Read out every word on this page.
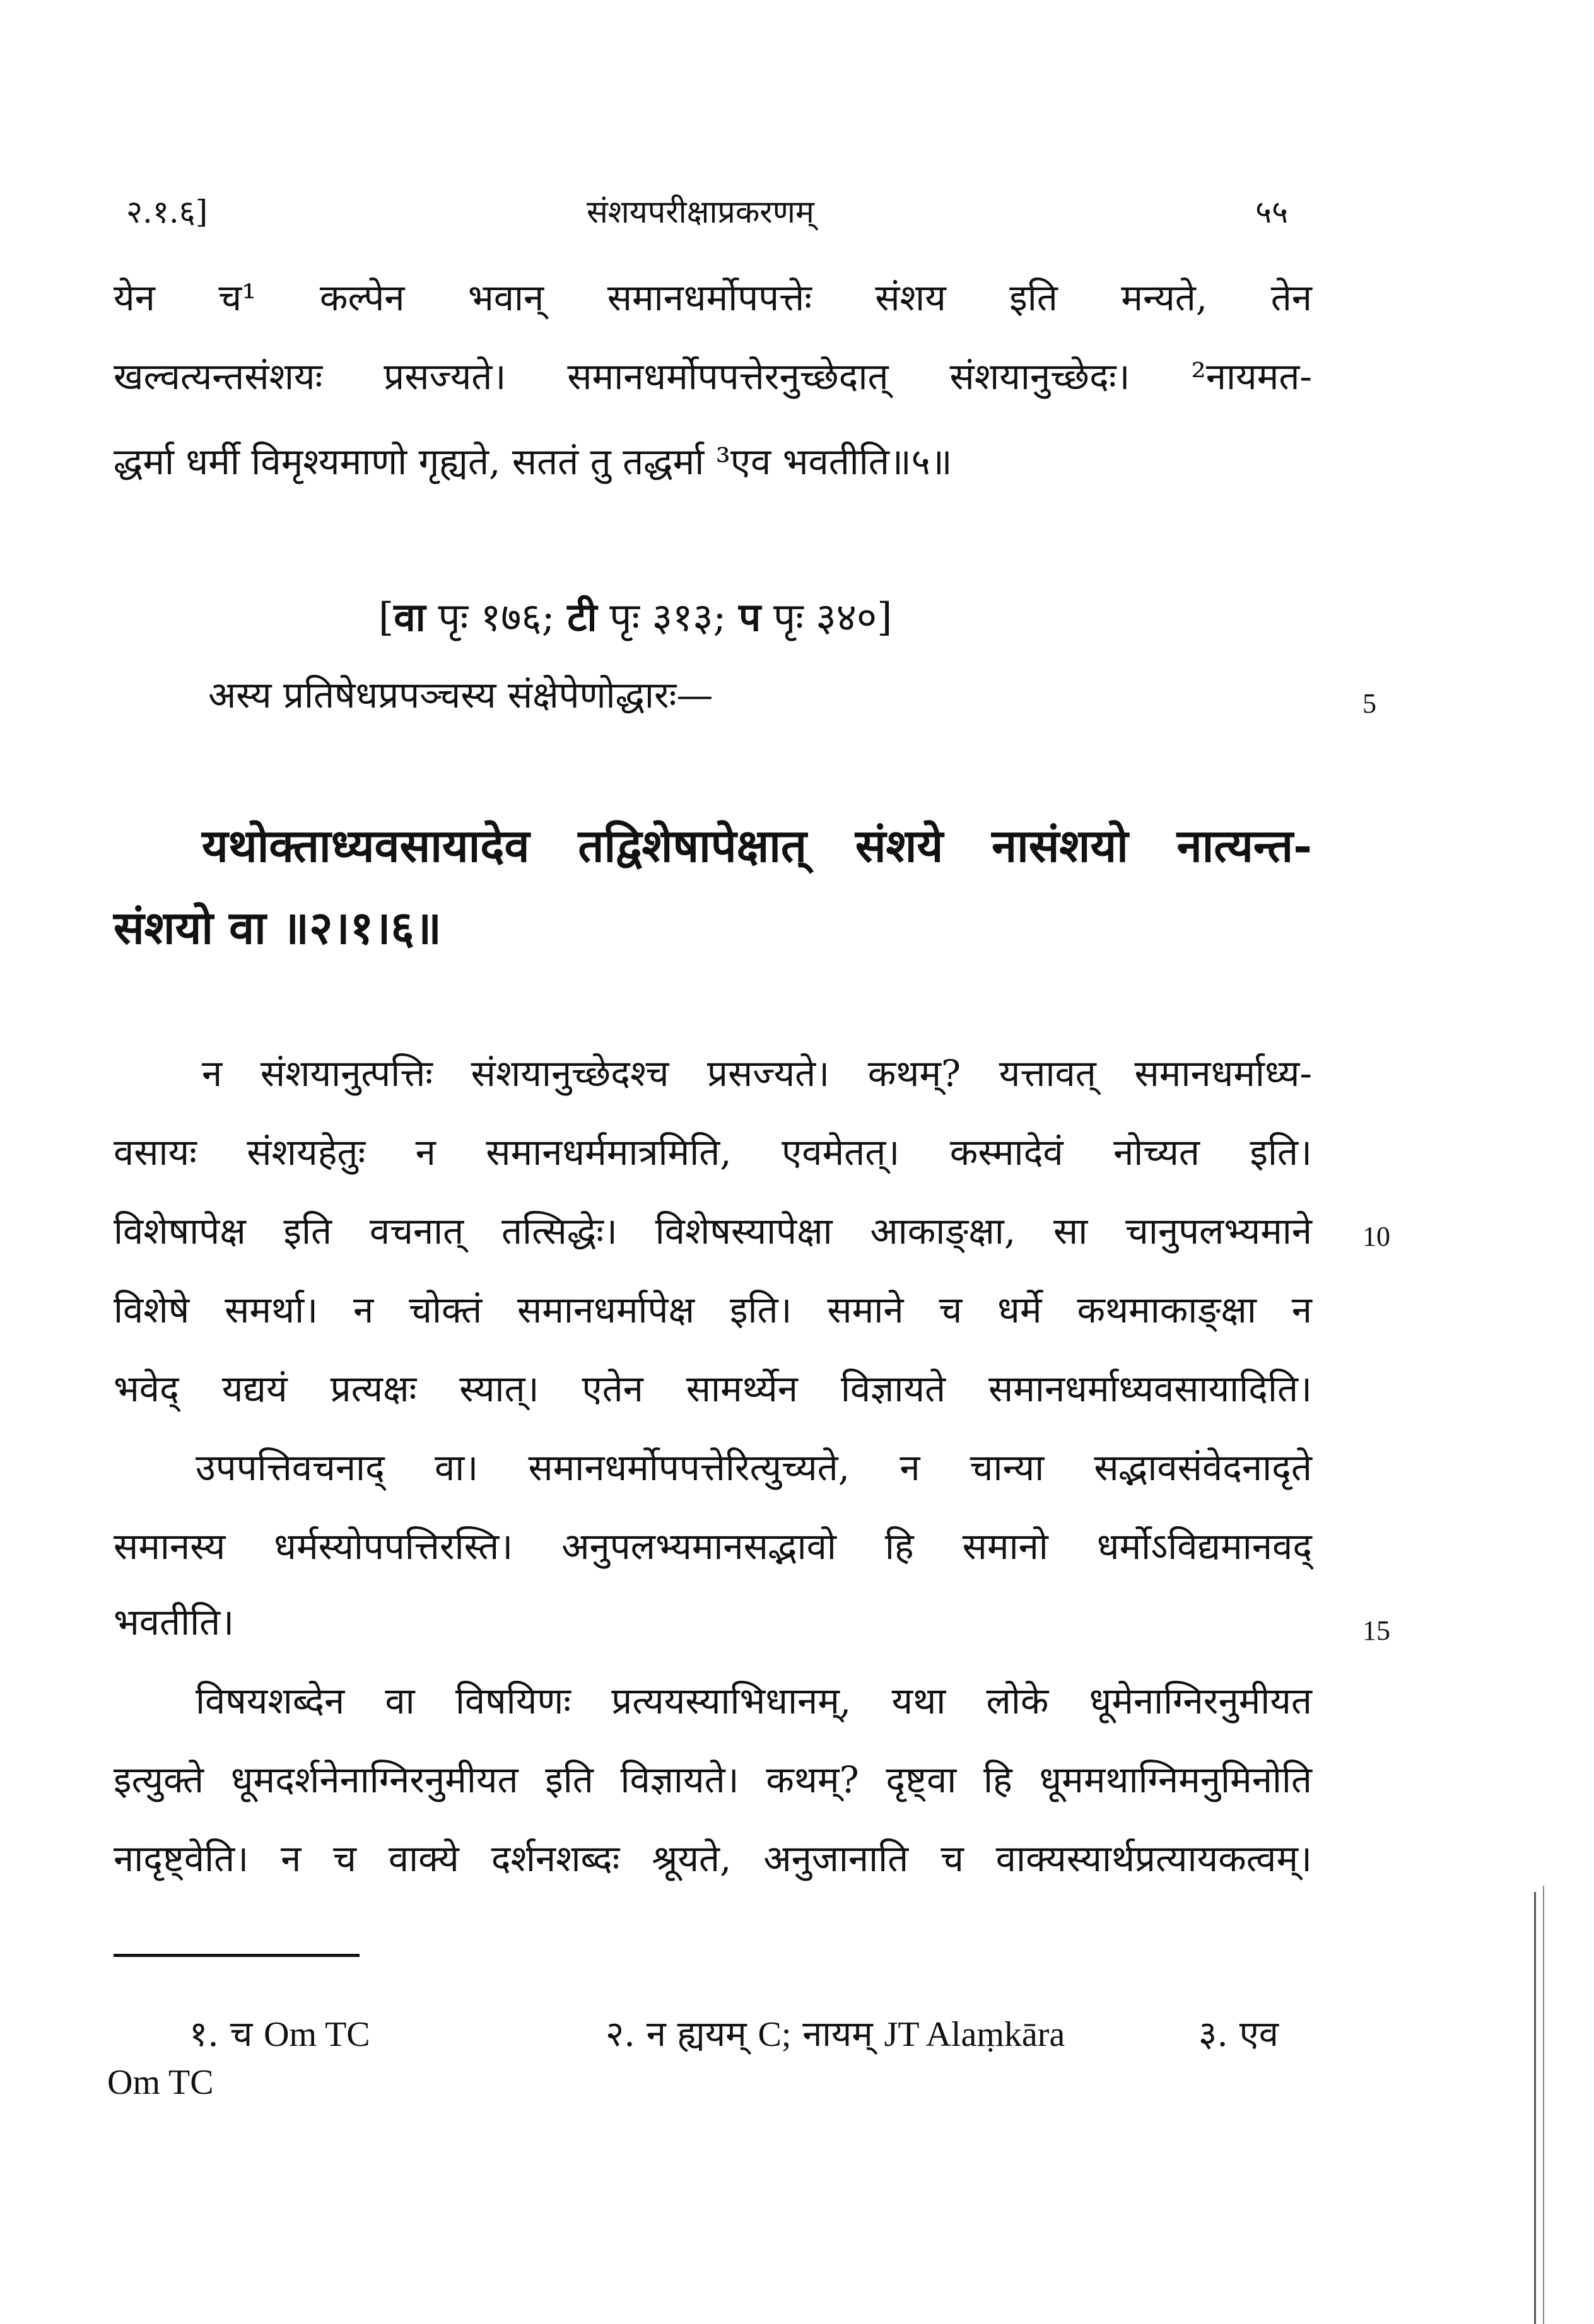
२.१.६]	संशयपरीक्षाप्रकरणम्	५५
येन च¹ कल्पेन भवान् समानधर्मोपपत्तेः संशय इति मन्यते, तेन
खल्वत्यन्तसंशयः प्रसज्यते। समानधर्मोपपत्तेरनुच्छेदात् संशयानुच्छेदः। ²नायमत-
द्धर्मा धर्मी विमृश्यमाणो गृह्यते, सततं तु तद्धर्मा ³एव भवतीति॥५॥
[वा पृः १७६; टी पृः ३१३; प पृः ३४०]
अस्य प्रतिषेधप्रपञ्चस्य संक्षेपेणोद्धारः—	5
यथोक्ताध्यवसायादेव तद्विशेषापेक्षात् संशये नासंशयो नात्यन्त-
संशयो वा ॥२।१।६॥
न संशयानुत्पत्तिः संशयानुच्छेदश्च प्रसज्यते। कथम्? यत्तावत् समानधर्माध्य-
वसायः संशयहेतुः न समानधर्ममात्रमिति, एवमेतत्। कस्मादेवं नोच्यत इति।
विशेषापेक्ष इति वचनात् तत्सिद्धेः। विशेषस्यापेक्षा आकाङ्क्षा, सा चानुपलभ्यमाने 10
विशेषे समर्था। न चोक्तं समानधर्मापेक्ष इति। समाने च धर्मे कथमाकाङ्क्षा न
भवेद् यद्ययं प्रत्यक्षः स्यात्। एतेन सामर्थ्येन विज्ञायते समानधर्माध्यवसायादिति।
उपपत्तिवचनाद् वा। समानधर्मोपपत्तेरित्युच्यते, न चान्या सद्भावसंवेदनादृते
समानस्य धर्मस्योपपत्तिरस्ति। अनुपलभ्यमानसद्भावो हि समानो धर्मोऽविद्यमानवद्
भवतीति।	15
विषयशब्देन वा विषयिणः प्रत्ययस्याभिधानम्, यथा लोके धूमेनाग्निरनुमीयत
इत्युक्ते धूमदर्शनेनाग्निरनुमीयत इति विज्ञायते। कथम्? दृष्ट्वा हि धूममथाग्निमनुमिनोति
नादृष्ट्वेति। न च वाक्ये दर्शनशब्दः श्रूयते, अनुजानाति च वाक्यस्यार्थप्रत्यायकत्वम्।
१. च Om TC	२. न ह्ययम् C; नायम् JT Alaṃkāra	३. एव
Om TC
